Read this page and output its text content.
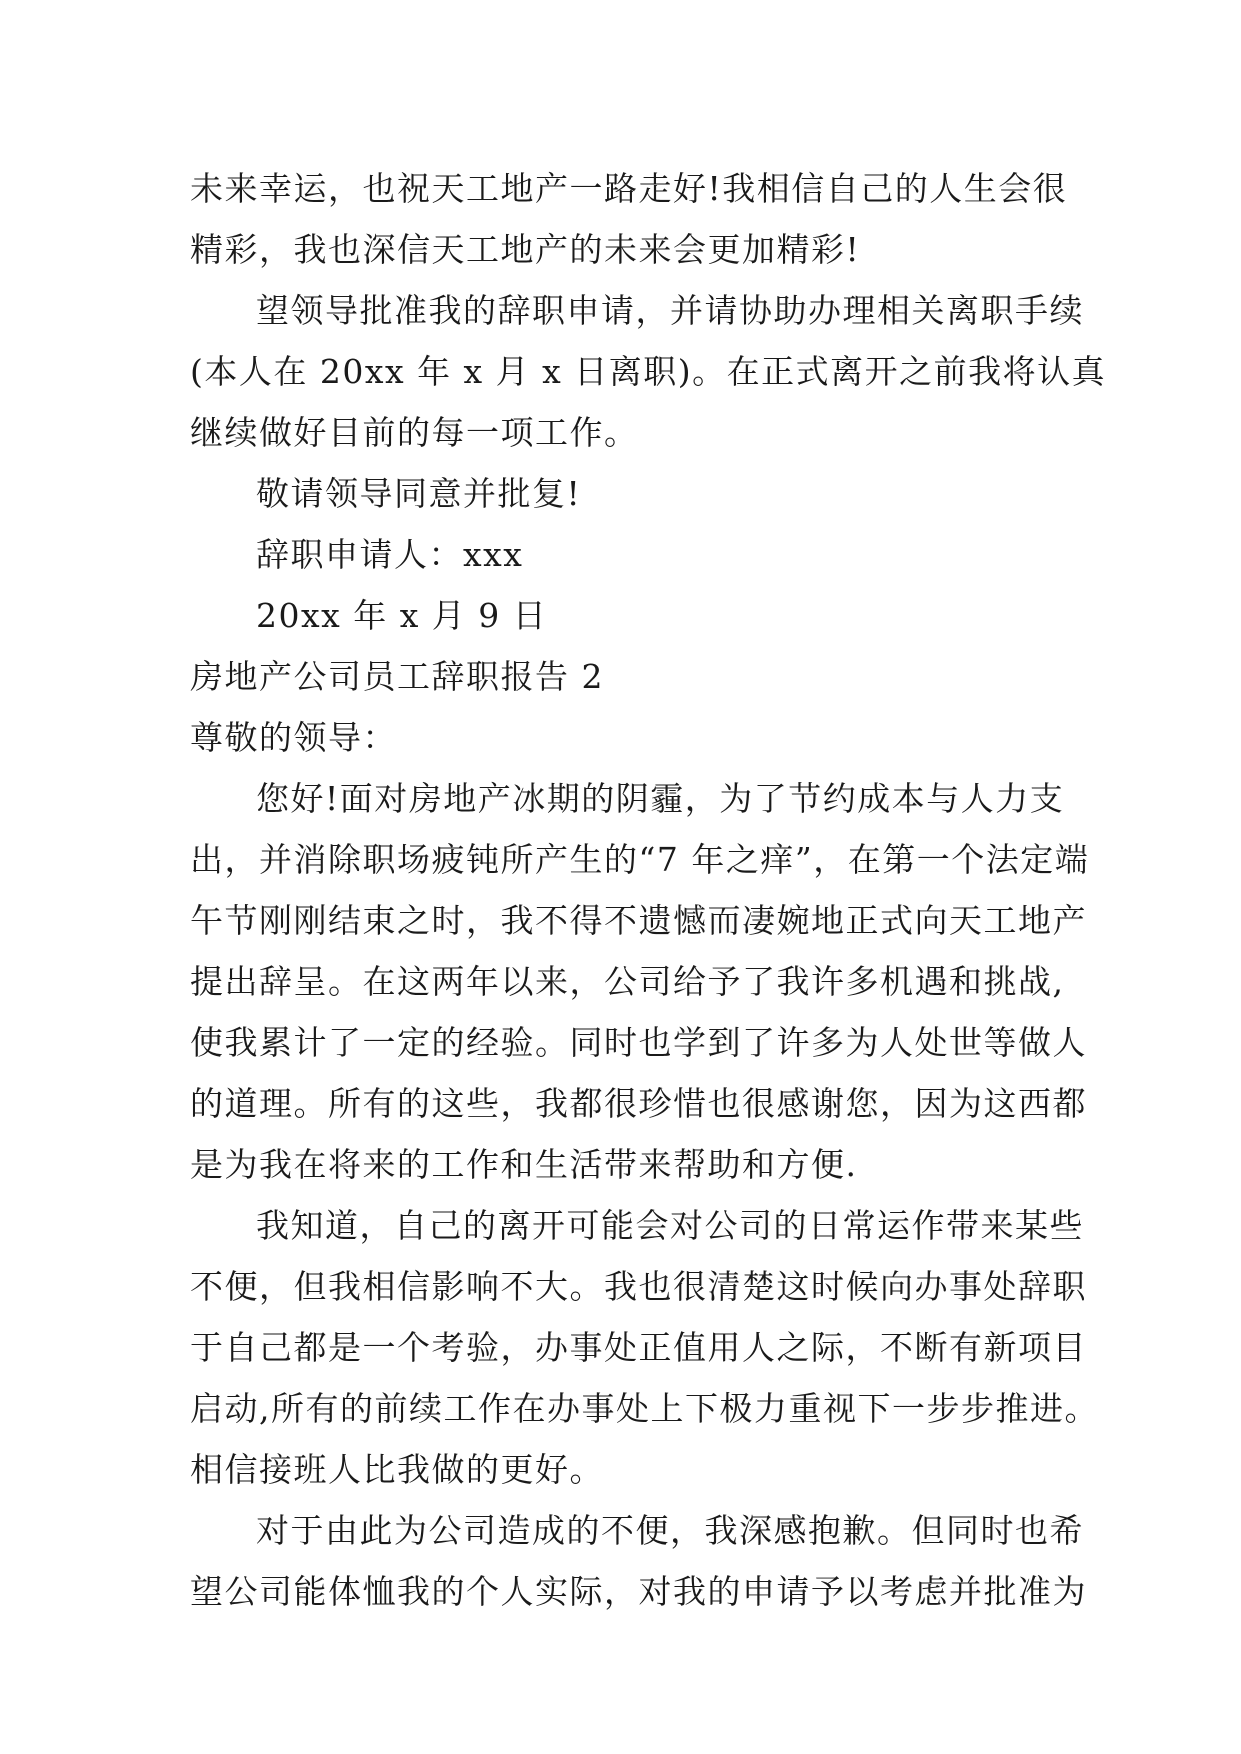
未来幸运，也祝天工地产一路走好!我相信自己的人生会很

精彩，我也深信天工地产的未来会更加精彩!

望领导批准我的辞职申请，并请协助办理相关离职手续

(本人在 20xx 年 x 月 x 日离职)。在正式离开之前我将认真

继续做好目前的每一项工作。

敬请领导同意并批复!

辞职申请人：xxx

20xx 年 x 月 9 日

房地产公司员工辞职报告 2

尊敬的领导：

您好!面对房地产冰期的阴霾，为了节约成本与人力支

出，并消除职场疲钝所产生的“7 年之痒”，在第一个法定端

午节刚刚结束之时，我不得不遗憾而凄婉地正式向天工地产

提出辞呈。在这两年以来，公司给予了我许多机遇和挑战,

使我累计了一定的经验。同时也学到了许多为人处世等做人

的道理。所有的这些，我都很珍惜也很感谢您，因为这西都

是为我在将来的工作和生活带来帮助和方便.

我知道，自己的离开可能会对公司的日常运作带来某些

不便，但我相信影响不大。我也很清楚这时候向办事处辞职

于自己都是一个考验，办事处正值用人之际，不断有新项目

启动,所有的前续工作在办事处上下极力重视下一步步推进。

相信接班人比我做的更好。

对于由此为公司造成的不便，我深感抱歉。但同时也希

望公司能体恤我的个人实际，对我的申请予以考虑并批准为
